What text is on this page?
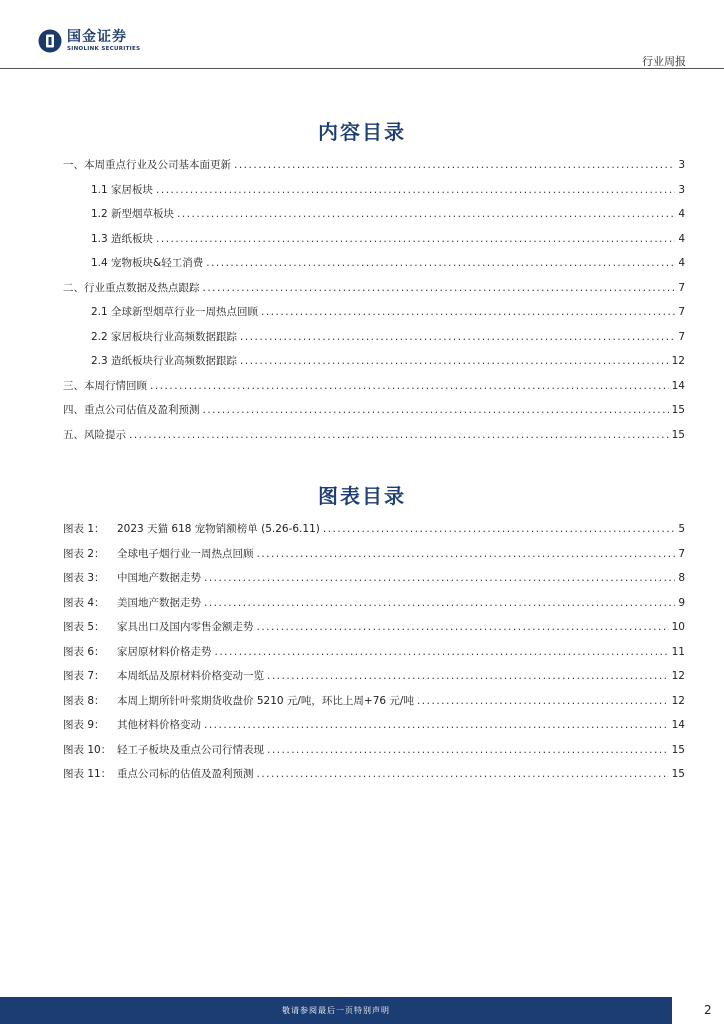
国金证券
SINOLINK SECURITIES
行业周报
内容目录
一、本周重点行业及公司基本面更新 .....	3
1.1 家居板块 .....	3
1.2 新型烟草板块 .....	4
1.3 造纸板块 .....	4
1.4 宠物板块&轻工消费 .....	4
二、行业重点数据及热点跟踪 .....	7
2.1 全球新型烟草行业一周热点回顾 .....	7
2.2 家居板块行业高频数据跟踪 .....	7
2.3 造纸板块行业高频数据跟踪 .....	12
三、本周行情回顾 .....	14
四、重点公司估值及盈利预测 .....	15
五、风险提示 .....	15
图表目录
图表 1：	2023 天猫 618 宠物销额榜单 (5.26-6.11) .....	5
图表 2：	全球电子烟行业一周热点回顾 .....	7
图表 3：	中国地产数据走势 .....	8
图表 4：	美国地产数据走势 .....	9
图表 5：	家具出口及国内零售金额走势 .....	10
图表 6：	家居原材料价格走势 .....	11
图表 7：	本周纸品及原材料价格变动一览 .....	12
图表 8：	本周上期所针叶浆期货收盘价 5210 元/吨，环比上周+76 元/吨 .....	12
图表 9：	其他材料价格变动 .....	14
图表 10： 轻工子板块及重点公司行情表现 .....	15
图表 11： 重点公司标的估值及盈利预测 .....	15
敬请参阅最后一页特别声明	2
